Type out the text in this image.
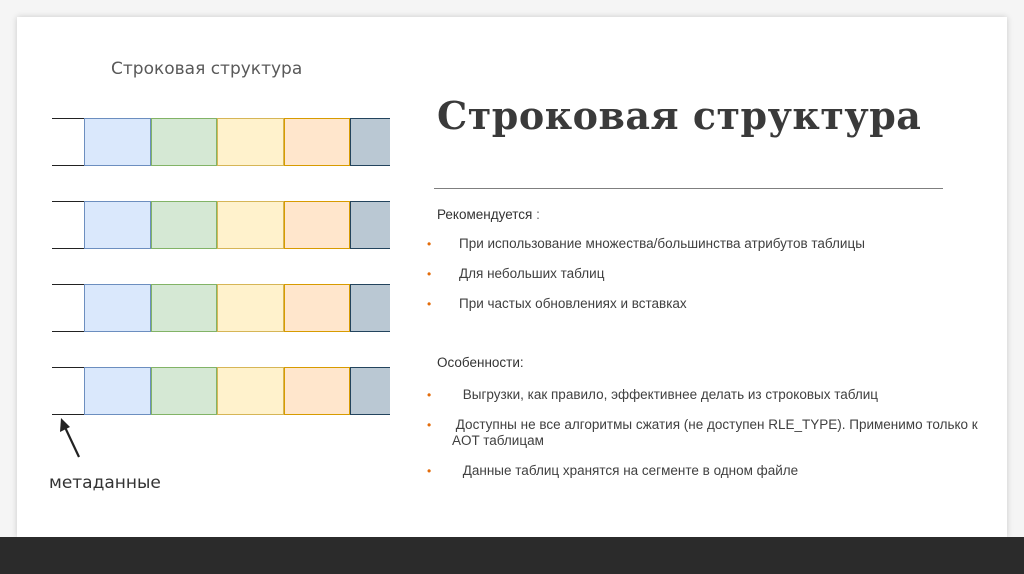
Строковая структура
метаданные
Строковая структура
Рекомендуется :
• При использование множества/большинства атрибутов таблицы
• Для небольших таблиц
• При частых обновлениях и вставках
Особенности:
• Выгрузки, как правило, эффективнее делать из строковых таблиц
• Доступны не все алгоритмы сжатия (не доступен RLE_TYPE). Применимо только к AOT таблицам
• Данные таблиц хранятся на сегменте в одном файле
